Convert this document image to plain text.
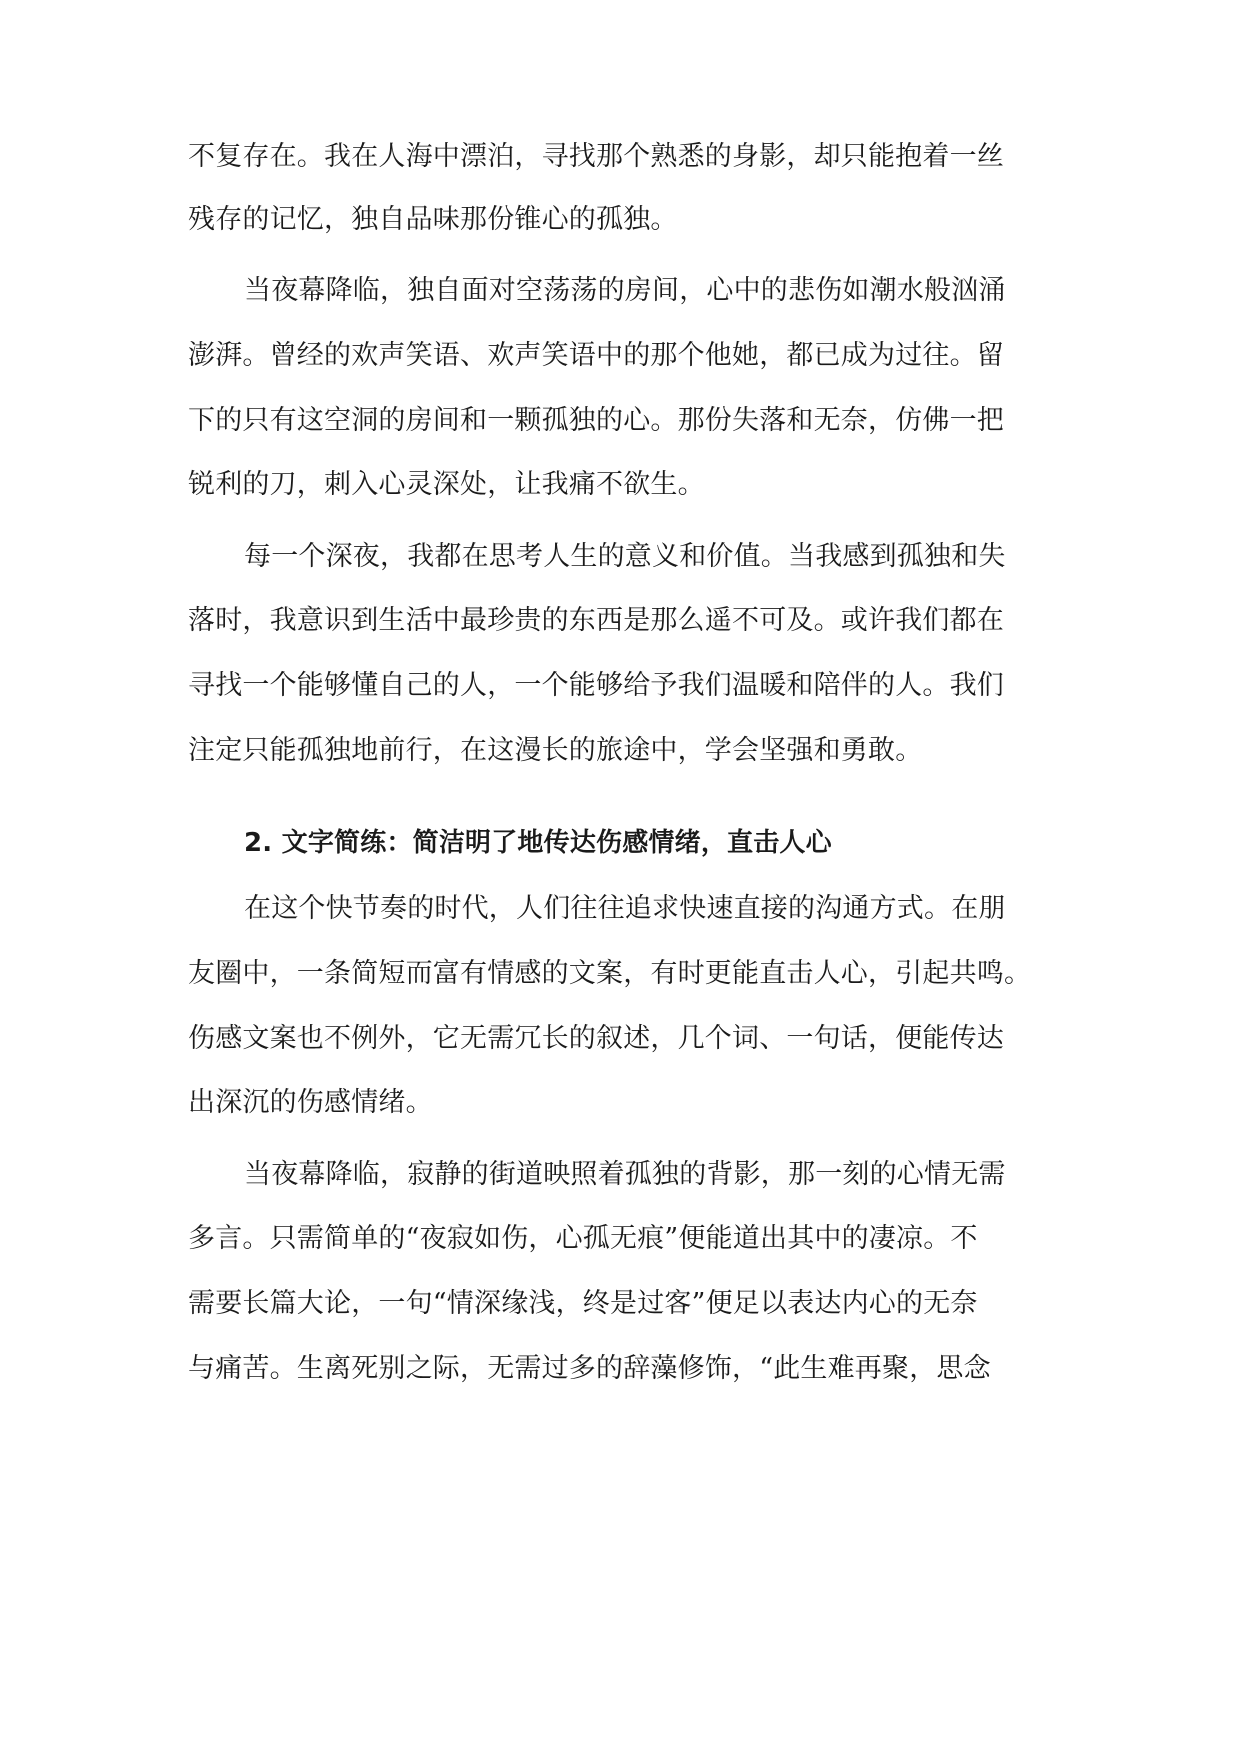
不复存在。我在人海中漂泊，寻找那个熟悉的身影，却只能抱着一丝

残存的记忆，独自品味那份锥心的孤独。

当夜幕降临，独自面对空荡荡的房间，心中的悲伤如潮水般汹涌

澎湃。曾经的欢声笑语、欢声笑语中的那个他她，都已成为过往。留

下的只有这空洞的房间和一颗孤独的心。那份失落和无奈，仿佛一把

锐利的刀，刺入心灵深处，让我痛不欲生。

每一个深夜，我都在思考人生的意义和价值。当我感到孤独和失

落时，我意识到生活中最珍贵的东西是那么遥不可及。或许我们都在

寻找一个能够懂自己的人，一个能够给予我们温暖和陪伴的人。我们

注定只能孤独地前行，在这漫长的旅途中，学会坚强和勇敢。

2. 文字简练：简洁明了地传达伤感情绪，直击人心

在这个快节奏的时代，人们往往追求快速直接的沟通方式。在朋

友圈中，一条简短而富有情感的文案，有时更能直击人心，引起共鸣。

伤感文案也不例外，它无需冗长的叙述，几个词、一句话，便能传达

出深沉的伤感情绪。

当夜幕降临，寂静的街道映照着孤独的背影，那一刻的心情无需

多言。只需简单的“夜寂如伤，心孤无痕”便能道出其中的凄凉。不

需要长篇大论，一句“情深缘浅，终是过客”便足以表达内心的无奈

与痛苦。生离死别之际，无需过多的辞藻修饰，“此生难再聚，思念
